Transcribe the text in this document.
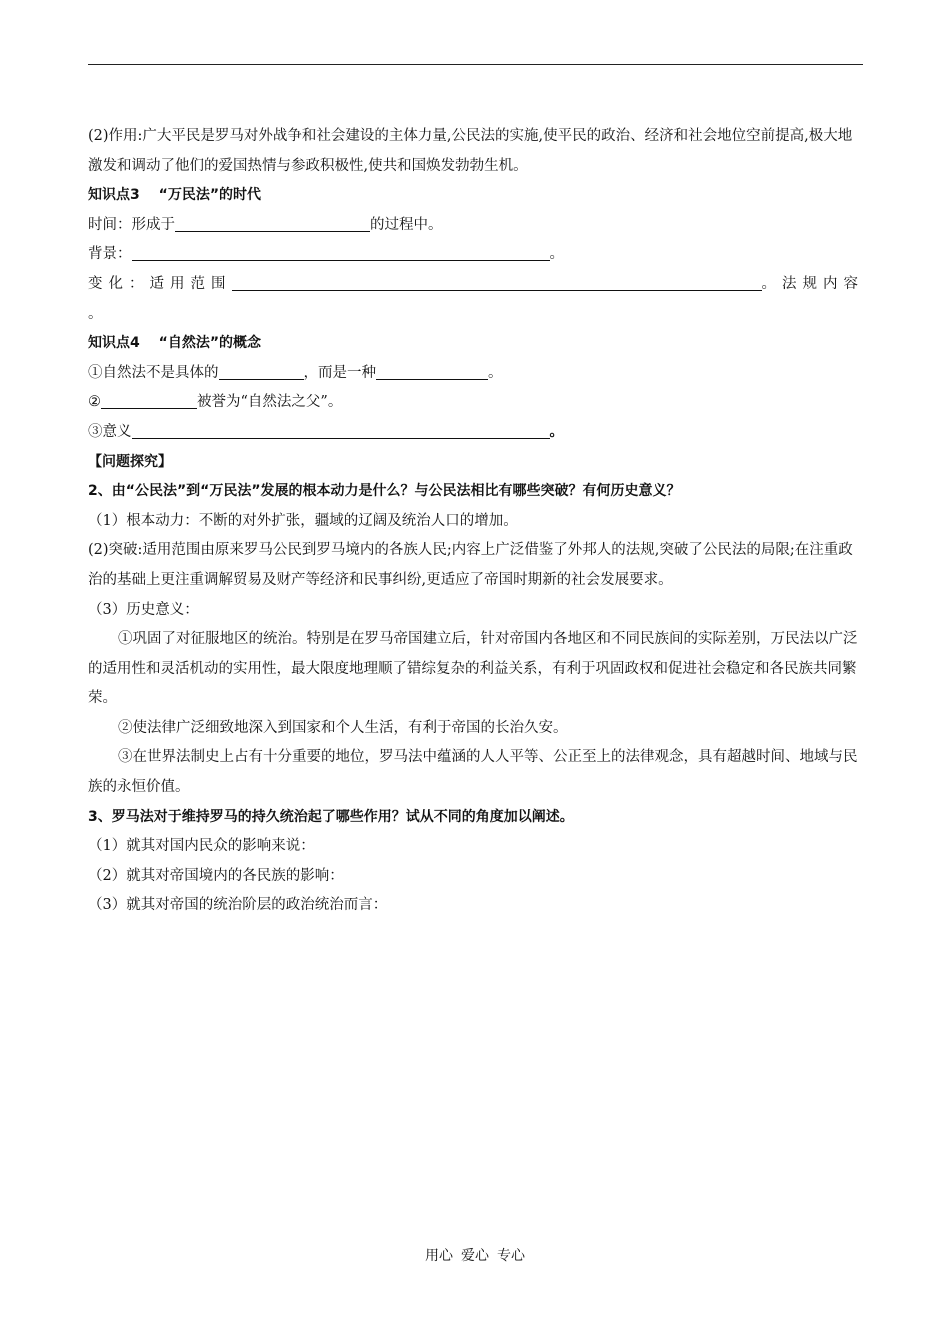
(2)作用:广大平民是罗马对外战争和社会建设的主体力量,公民法的实施,使平民的政治、经济和社会地位空前提高,极大地激发和调动了他们的爱国热情与参政积极性,使共和国焕发勃勃生机。
知识点3　 “万民法”的时代
时间：形成于	的过程中。
背景：	。
变化：适用范围	。法规内容
。
知识点4　 “自然法”的概念
①自然法不是具体的	，而是一种	。
②	被誉为“自然法之父”。
③意义	。
【问题探究】
2、由“公民法”到“万民法”发展的根本动力是什么？与公民法相比有哪些突破？有何历史意义？
（1）根本动力：不断的对外扩张，疆域的辽阔及统治人口的增加。
(2)突破:适用范围由原来罗马公民到罗马境内的各族人民;内容上广泛借鉴了外邦人的法规,突破了公民法的局限;在注重政治的基础上更注重调解贸易及财产等经济和民事纠纷,更适应了帝国时期新的社会发展要求。
（3）历史意义：
①巩固了对征服地区的统治。特别是在罗马帝国建立后，针对帝国内各地区和不同民族间的实际差别，万民法以广泛的适用性和灵活机动的实用性，最大限度地理顺了错综复杂的利益关系，有利于巩固政权和促进社会稳定和各民族共同繁荣。
②使法律广泛细致地深入到国家和个人生活，有利于帝国的长治久安。
③在世界法制史上占有十分重要的地位，罗马法中蕴涵的人人平等、公正至上的法律观念，具有超越时间、地域与民族的永恒价值。
3、罗马法对于维持罗马的持久统治起了哪些作用？试从不同的角度加以阐述。
（1）就其对国内民众的影响来说：
（2）就其对帝国境内的各民族的影响：
（3）就其对帝国的统治阶层的政治统治而言：
用心 爱心 专心
